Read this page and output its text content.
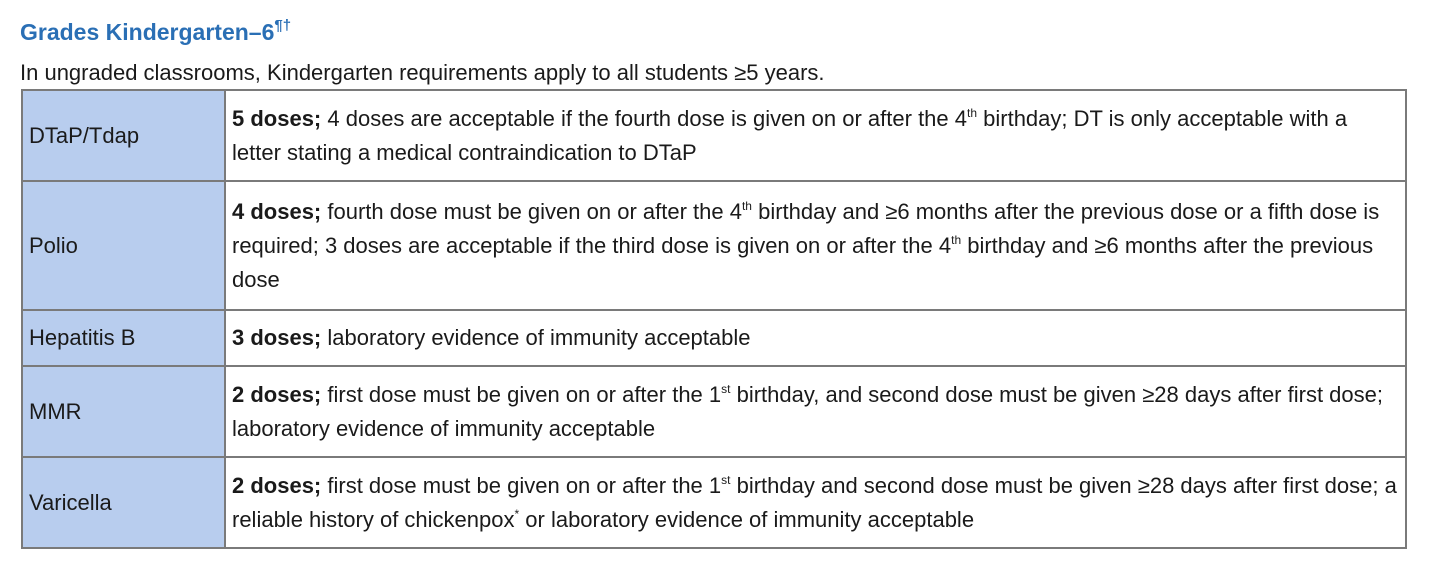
Grades Kindergarten–6¶†
In ungraded classrooms, Kindergarten requirements apply to all students ≥5 years.
DTaP/Tdap	5 doses; 4 doses are acceptable if the fourth dose is given on or after the 4th birthday; DT is only acceptable with a letter stating a medical contraindication to DTaP
Polio	4 doses; fourth dose must be given on or after the 4th birthday and ≥6 months after the previous dose or a fifth dose is required; 3 doses are acceptable if the third dose is given on or after the 4th birthday and ≥6 months after the previous dose
Hepatitis B	3 doses; laboratory evidence of immunity acceptable
MMR	2 doses; first dose must be given on or after the 1st birthday, and second dose must be given ≥28 days after first dose; laboratory evidence of immunity acceptable
Varicella	2 doses; first dose must be given on or after the 1st birthday and second dose must be given ≥28 days after first dose; a reliable history of chickenpox* or laboratory evidence of immunity acceptable
